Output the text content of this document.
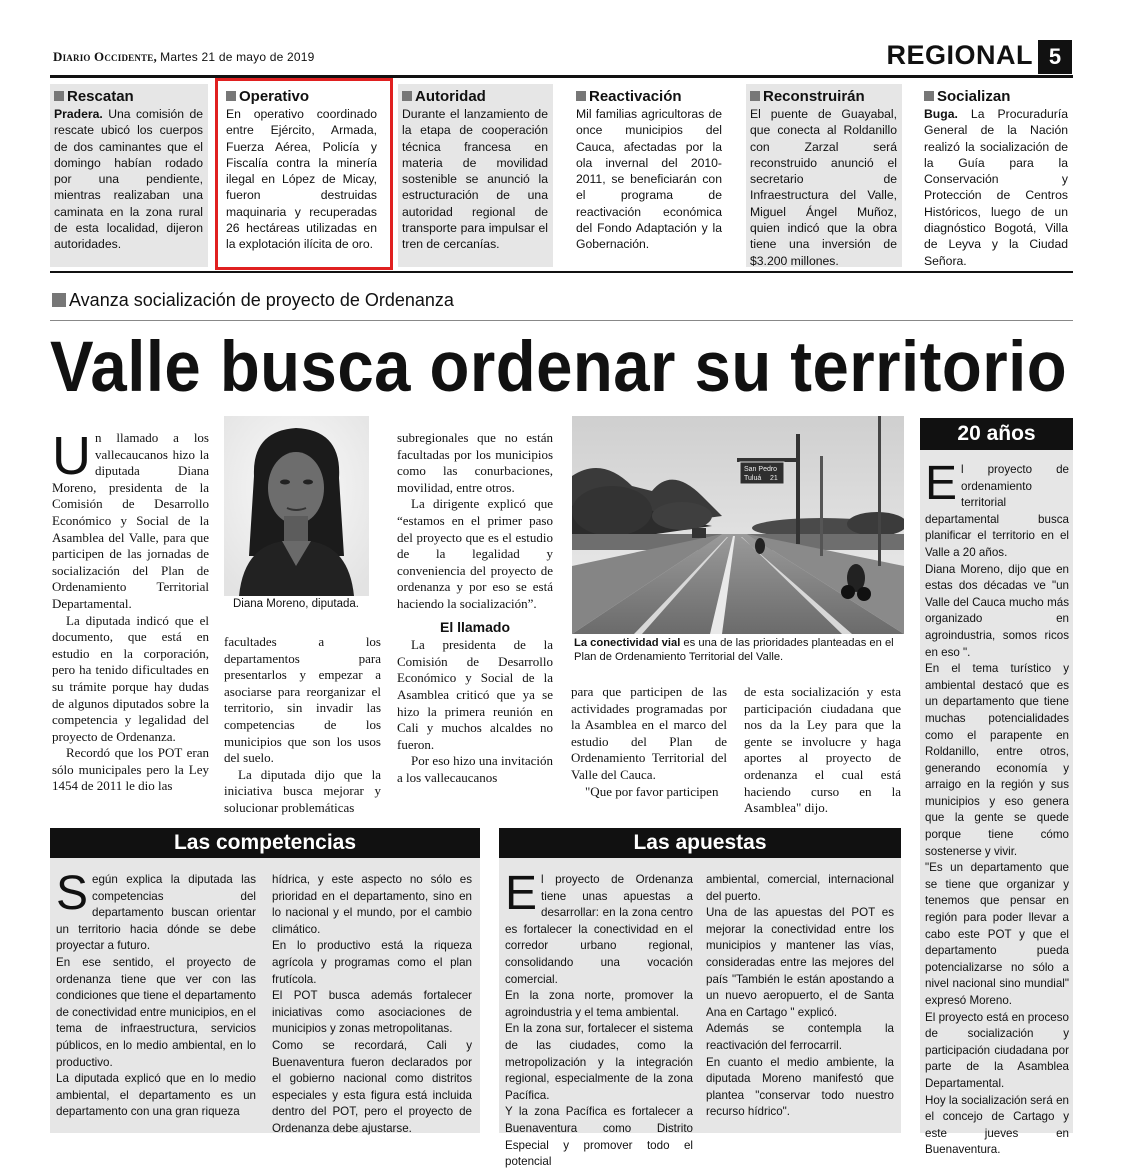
Diario Occidente, Martes 21 de mayo de 2019	REGIONAL 5
Rescatan
Pradera. Una comisión de rescate ubicó los cuerpos de dos caminantes que el domingo habían rodado por una pendiente, mientras realizaban una caminata en la zona rural de esta localidad, dijeron autoridades.
Operativo
En operativo coordinado entre Ejército, Armada, Fuerza Aérea, Policía y Fiscalía contra la minería ilegal en López de Micay, fueron destruidas maquinaria y recuperadas 26 hectáreas utilizadas en la explotación ilícita de oro.
Autoridad
Durante el lanzamiento de la etapa de cooperación técnica francesa en materia de movilidad sostenible se anunció la estructuración de una autoridad regional de transporte para impulsar el tren de cercanías.
Reactivación
Mil familias agricultoras de once municipios del Cauca, afectadas por la ola invernal del 2010-2011, se beneficiarán con el programa de reactivación económica del Fondo Adaptación y la Gobernación.
Reconstruirán
El puente de Guayabal, que conecta al Roldanillo con Zarzal será reconstruido anunció el secretario de Infraestructura del Valle, Miguel Ángel Muñoz, quien indicó que la obra tiene una inversión de $3.200 millones.
Socializan
Buga. La Procuraduría General de la Nación realizó la socialización de la Guía para la Conservación y Protección de Centros Históricos, luego de un diagnóstico Bogotá, Villa de Leyva y la Ciudad Señora.
Avanza socialización de proyecto de Ordenanza
Valle busca ordenar su territorio

Un llamado a los vallecaucanos hizo la diputada Diana Moreno, presidenta de la Comisión de Desarrollo Económico y Social de la Asamblea del Valle, para que participen de las jornadas de socialización del Plan de Ordenamiento Territorial Departamental.

La diputada indicó que el documento, que está en estudio en la corporación, pero ha tenido dificultades en su trámite porque hay dudas de algunos diputados sobre la competencia y legalidad del proyecto de Ordenanza.

Recordó que los POT eran sólo municipales pero la Ley 1454 de 2011 le dio las

Diana Moreno, diputada.

facultades a los departamentos para presentarlos y empezar a asociarse para reorganizar el territorio, sin invadir las competencias de los municipios que son los usos del suelo.

La diputada dijo que la iniciativa busca mejorar y solucionar problemáticas

subregionales que no están facultadas por los municipios como las conurbaciones, movilidad, entre otros.

La dirigente explicó que “estamos en el primer paso del proyecto que es el estudio de la legalidad y conveniencia del proyecto de ordenanza y por eso se está haciendo la socialización”.

El llamado

La presidenta de la Comisión de Desarrollo Económico y Social de la Asamblea criticó que ya se hizo la primera reunión en Cali y muchos alcaldes no fueron.

Por eso hizo una invitación a los vallecaucanos

San Pedro
Tuluá 21
La conectividad vial es una de las prioridades planteadas en el Plan de Ordenamiento Territorial del Valle.

para que participen de las actividades programadas por la Asamblea en el marco del estudio del Plan de Ordenamiento Territorial del Valle del Cauca.

"Que por favor participen

de esta socialización y esta participación ciudadana que nos da la Ley para que la gente se involucre y haga aportes al proyecto de ordenanza el cual está haciendo curso en la Asamblea" dijo.

20 años
El proyecto de ordenamiento territorial departamental busca planificar el territorio en el Valle a 20 años.
Diana Moreno, dijo que en estas dos décadas ve "un Valle del Cauca mucho más organizado en agroindustria, somos ricos en eso ".
En el tema turístico y ambiental destacó que es un departamento que tiene muchas potencialidades como el parapente en Roldanillo, entre otros, generando economía y arraigo en la región y sus municipios y eso genera que la gente se quede porque tiene cómo sostenerse y vivir.
"Es un departamento que se tiene que organizar y tenemos que pensar en región para poder llevar a cabo este POT y que el departamento pueda potencializarse no sólo a nivel nacional sino mundial" expresó Moreno.
El proyecto está en proceso de socialización y participación ciudadana por parte de la Asamblea Departamental.
Hoy la socialización será en el concejo de Cartago y este jueves en Buenaventura.
Las competencias
Según explica la diputada las competencias del departamento buscan orientar un territorio hacia dónde se debe proyectar a futuro.
En ese sentido, el proyecto de ordenanza tiene que ver con las condiciones que tiene el departamento de conectividad entre municipios, en el tema de infraestructura, servicios públicos, en lo medio ambiental, en lo productivo.
La diputada explicó que en lo medio ambiental, el departamento es un departamento con una gran riqueza
hídrica, y este aspecto no sólo es prioridad en el departamento, sino en lo nacional y el mundo, por el cambio climático.
En lo productivo está la riqueza agrícola y programas como el plan frutícola.
El POT busca además fortalecer iniciativas como asociaciones de municipios y zonas metropolitanas.
Como se recordará, Cali y Buenaventura fueron declarados por el gobierno nacional como distritos especiales y esta figura está incluida dentro del POT, pero el proyecto de Ordenanza debe ajustarse.
Las apuestas
El proyecto de Ordenanza tiene unas apuestas a desarrollar: en la zona centro es fortalecer la conectividad en el corredor urbano regional, consolidando una vocación comercial.
En la zona norte, promover la agroindustria y el tema ambiental.
En la zona sur, fortalecer el sistema de las ciudades, como la metropolización y la integración regional, especialmente de la zona Pacífica.
Y la zona Pacífica es fortalecer a Buenaventura como Distrito Especial y promover todo el potencial
ambiental, comercial, internacional del puerto.
Una de las apuestas del POT es mejorar la conectividad entre los municipios y mantener las vías, consideradas entre las mejores del país "También le están apostando a un nuevo aeropuerto, el de Santa Ana en Cartago " explicó.
Además se contempla la reactivación del ferrocarril.
En cuanto el medio ambiente, la diputada Moreno manifestó que plantea "conservar todo nuestro recurso hídrico".
